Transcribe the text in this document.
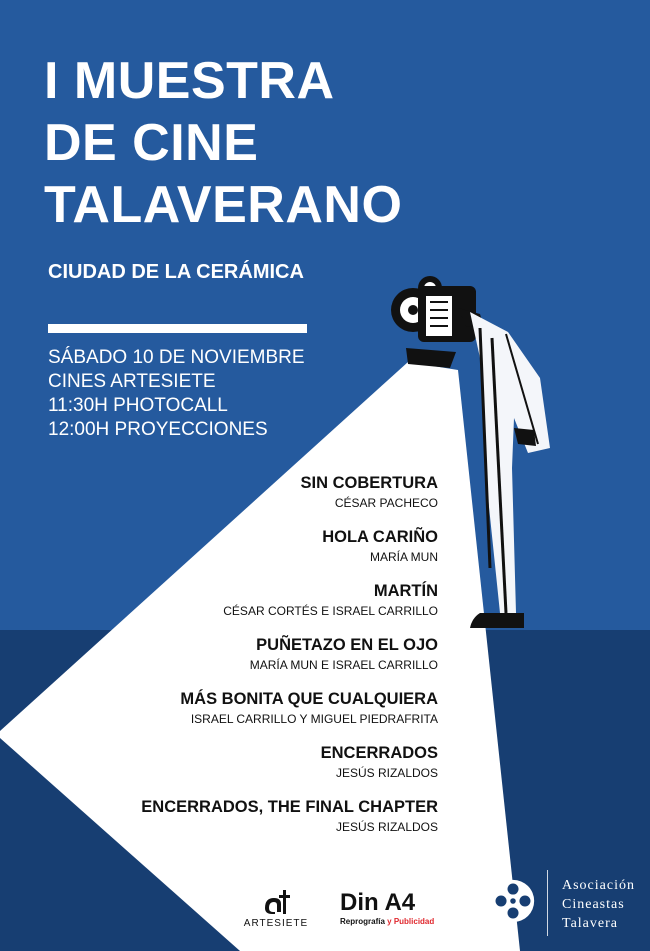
I MUESTRA
DE CINE
TALAVERANO
CIUDAD DE LA CERÁMICA
SÁBADO 10 DE NOVIEMBRE
CINES ARTESIETE
11:30H PHOTOCALL
12:00H PROYECCIONES
SIN COBERTURA
CÉSAR PACHECO
HOLA CARIÑO
MARÍA MUN
MARTÍN
CÉSAR CORTÉS E ISRAEL CARRILLO
PUÑETAZO EN EL OJO
MARÍA MUN E ISRAEL CARRILLO
MÁS BONITA QUE CUALQUIERA
ISRAEL CARRILLO Y MIGUEL PIEDRAFRITA
ENCERRADOS
JESÚS RIZALDOS
ENCERRADOS, THE FINAL CHAPTER
JESÚS RIZALDOS
ARTESIETE
Din A4
Reprografía y Publicidad
Asociación
Cineastas
Talavera
